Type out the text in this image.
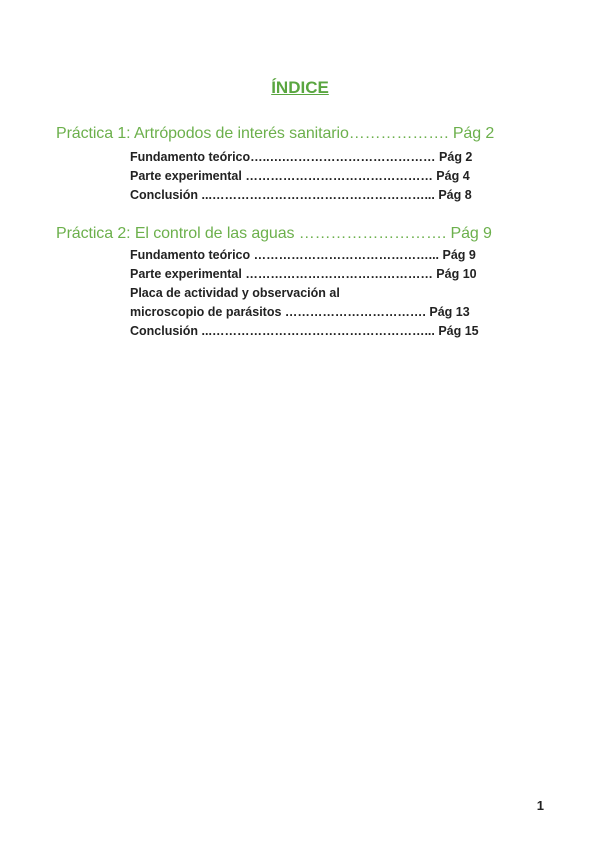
ÍNDICE
Práctica 1: Artrópodos de interés sanitario………………. Pág 2
Fundamento teórico…..….……………………………… Pág 2
Parte experimental ……………………………………… Pág 4
Conclusión ...……………………………………………... Pág 8
Práctica 2: El control de las aguas ………………………. Pág 9
Fundamento teórico ……………………………………... Pág 9
Parte experimental ……………………………………… Pág 10
Placa de actividad y observación al
microscopio de parásitos ……………………………. Pág 13
Conclusión ...……………………………………………... Pág 15
1
